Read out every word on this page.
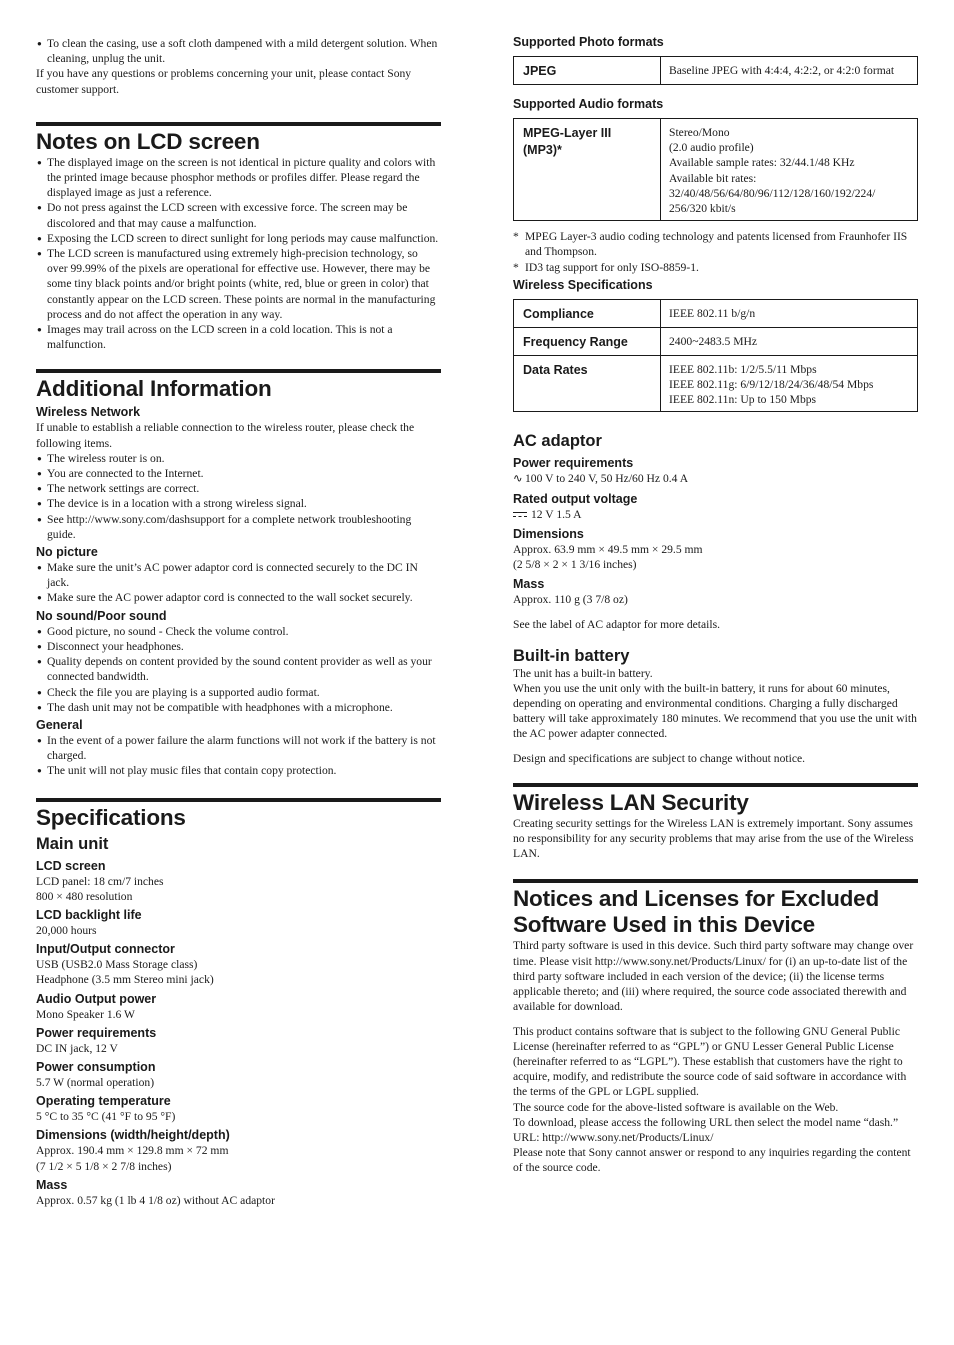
● To clean the casing, use a soft cloth dampened with a mild detergent solution. When cleaning, unplug the unit.

If you have any questions or problems concerning your unit, please contact Sony customer support.

Notes on LCD screen
● The displayed image on the screen is not identical in picture quality and colors with the printed image because phosphor methods or profiles differ. Please regard the displayed image as just a reference.
● Do not press against the LCD screen with excessive force. The screen may be discolored and that may cause a malfunction.
● Exposing the LCD screen to direct sunlight for long periods may cause malfunction.
● The LCD screen is manufactured using extremely high-precision technology, so over 99.99% of the pixels are operational for effective use. However, there may be some tiny black points and/or bright points (white, red, blue or green in color) that constantly appear on the LCD screen. These points are normal in the manufacturing process and do not affect the operation in any way.
● Images may trail across on the LCD screen in a cold location. This is not a malfunction.
Additional Information
Wireless Network

If unable to establish a reliable connection to the wireless router, please check the following items.

● The wireless router is on.
● You are connected to the Internet.
● The network settings are correct.
● The device is in a location with a strong wireless signal.
● See http://www.sony.com/dashsupport for a complete network troubleshooting guide.
No picture
● Make sure the unit’s AC power adaptor cord is connected securely to the DC IN jack.
● Make sure the AC power adaptor cord is connected to the wall socket securely.
No sound/Poor sound
● Good picture, no sound - Check the volume control.
● Disconnect your headphones.
● Quality depends on content provided by the sound content provider as well as your connected bandwidth.
● Check the file you are playing is a supported audio format.
● The dash unit may not be compatible with headphones with a microphone.
General
● In the event of a power failure the alarm functions will not work if the battery is not charged.
● The unit will not play music files that contain copy protection.
Specifications
Main unit
LCD screen

LCD panel: 18 cm/7 inches

800 × 480 resolution

LCD backlight life

20,000 hours

Input/Output connector

USB (USB2.0 Mass Storage class)

Headphone (3.5 mm Stereo mini jack)

Audio Output power

Mono Speaker 1.6 W

Power requirements

DC IN jack, 12 V

Power consumption

5.7 W (normal operation)

Operating temperature

5 °C to 35 °C (41 °F to 95 °F)

Dimensions (width/height/depth)

Approx. 190.4 mm × 129.8 mm × 72 mm

(7 1/2 × 5 1/8 × 2 7/8 inches)

Mass

Approx. 0.57 kg (1 lb 4 1/8 oz) without AC adaptor

Supported Photo formats
JPEG	Baseline JPEG with 4:4:4, 4:2:2, or 4:2:0 format
Supported Audio formats
MPEG-Layer III
(MP3)*

Stereo/Mono
(2.0 audio profile)
Available sample rates: 32/44.1/48 KHz
Available bit rates:
32/40/48/56/64/80/96/112/128/160/192/224/
256/320 kbit/s
* MPEG Layer-3 audio coding technology and patents licensed from Fraunhofer IIS and Thompson.
* ID3 tag support for only ISO-8859-1.
Wireless Specifications
Compliance	IEEE 802.11 b/g/n
Frequency Range	2400~2483.5 MHz
Data Rates	IEEE 802.11b: 1/2/5.5/11 Mbps
IEEE 802.11g: 6/9/12/18/24/36/48/54 Mbps
IEEE 802.11n: Up to 150 Mbps
AC adaptor
Power requirements

∿ 100 V to 240 V, 50 Hz/60 Hz 0.4 A

Rated output voltage

12 V 1.5 A

Dimensions

Approx. 63.9 mm × 49.5 mm × 29.5 mm

(2 5/8 × 2 × 1 3/16 inches)

Mass

Approx. 110 g (3 7/8 oz)

See the label of AC adaptor for more details.

Built-in battery

The unit has a built-in battery.

When you use the unit only with the built-in battery, it runs for about 60 minutes, depending on operating and environmental conditions. Charging a fully discharged battery will take approximately 180 minutes. We recommend that you use the unit with the AC power adapter connected.

Design and specifications are subject to change without notice.

Wireless LAN Security

Creating security settings for the Wireless LAN is extremely important. Sony assumes no responsibility for any security problems that may arise from the use of the Wireless LAN.

Notices and Licenses for Excluded
Software Used in this Device

Third party software is used in this device. Such third party software may change over time. Please visit http://www.sony.net/Products/Linux/ for (i) an up-to-date list of the third party software included in each version of the device; (ii) the license terms applicable thereto; and (iii) where required, the source code associated therewith and available for download.

This product contains software that is subject to the following GNU General Public License (hereinafter referred to as “GPL”) or GNU Lesser General Public License (hereinafter referred to as “LGPL”). These establish that customers have the right to acquire, modify, and redistribute the source code of said software in accordance with the terms of the GPL or LGPL supplied.

The source code for the above-listed software is available on the Web.

To download, please access the following URL then select the model name “dash.”

URL: http://www.sony.net/Products/Linux/

Please note that Sony cannot answer or respond to any inquiries regarding the content of the source code.
